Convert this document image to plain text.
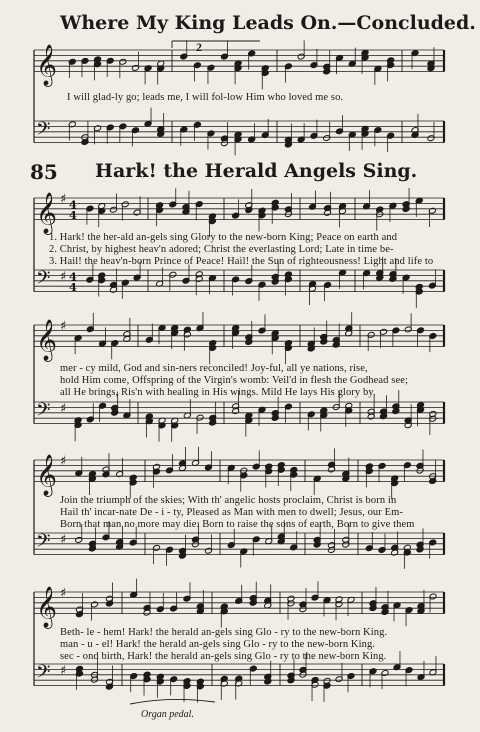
Where My King Leads On.—Concluded.
85 Hark! the Herald Angels Sing.
I will glad-ly go; leads me, I will fol-low Him who loved me so.
1. Hark! the her-ald an-gels sing Glory to the new-born King; Peace on earth and
2. Christ, by highest heav'n adored; Christ the everlasting Lord; Late in time be-
3. Hail! the heav'n-born Prince of Peace! Hail! the Sun of righteousness! Light and life to
mer - cy mild, God and sin-ners reconciled! Joy-ful, all ye nations, rise,
hold Him come, Offspring of the Virgin's womb: Veil'd in flesh the Godhead see;
all He brings, Ris'n with healing in His wings. Mild He lays His glory by,
Join the triumph of the skies; With th' angelic hosts proclaim, Christ is born in
Hail th' incar-nate De - i - ty, Pleased as Man with men to dwell; Jesus, our Em-
Born that man no more may die: Born to raise the sons of earth, Born to give them
Beth- le - hem! Hark! the herald an-gels sing Glo - ry to the new-born King.
man - u - el! Hark! the herald an-gels sing Glo - ry to the new-born King.
sec - ond birth, Hark! the herald an-gels sing Glo - ry to the new-born King.
Organ pedal.
𝄞
𝄢
2
𝄞 ♯ 4
4
𝄢 ♯ 4
4
𝄞 ♯
𝄢 ♯
𝄞 ♯
𝄢 ♯
𝄞 ♯
𝄢 ♯
